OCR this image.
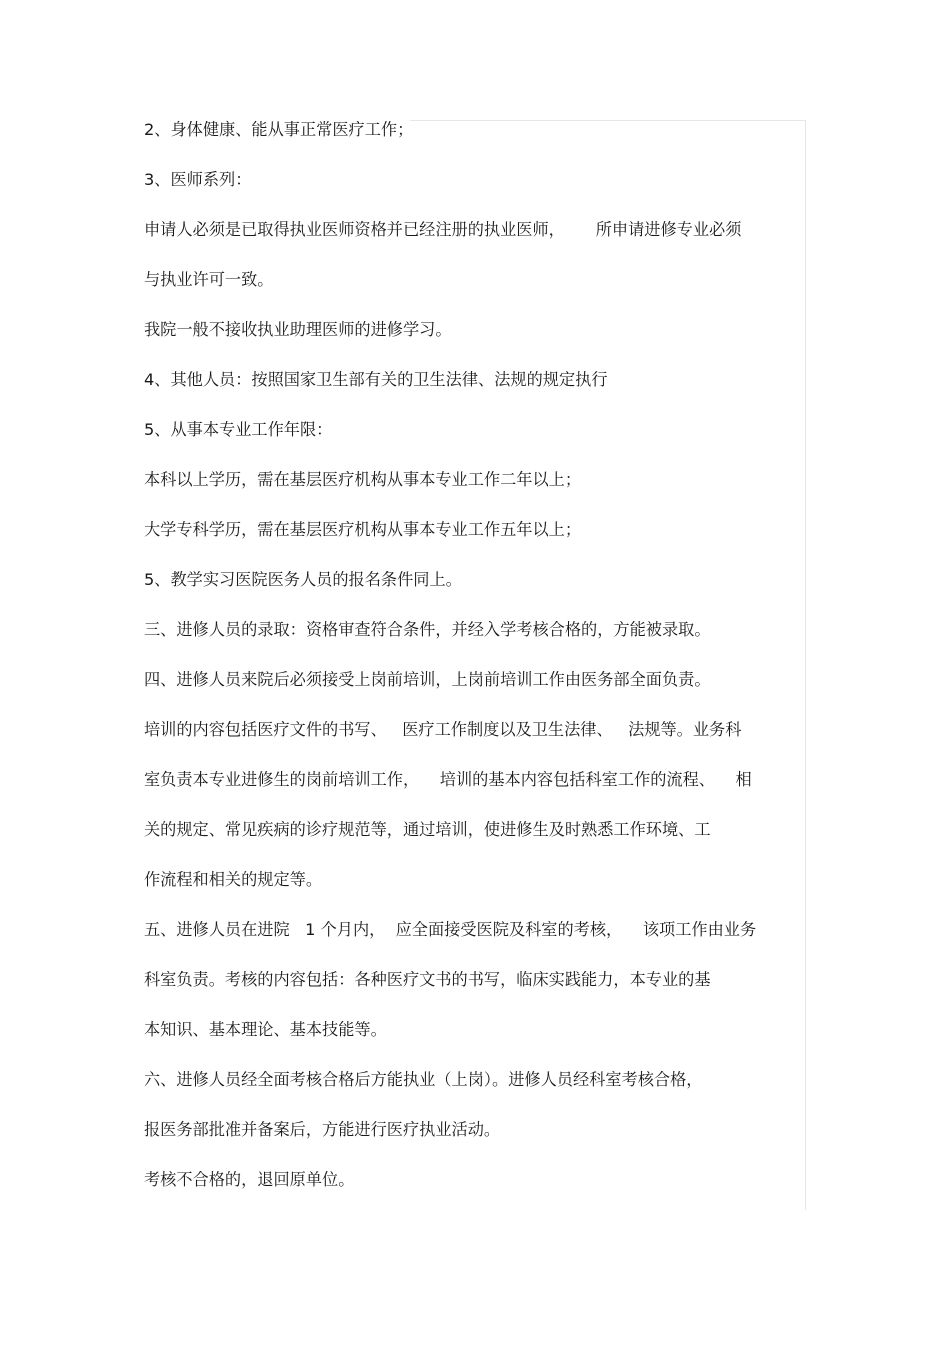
2、身体健康、能从事正常医疗工作；
3、医师系列：
申请人必须是已取得执业医师资格并已经注册的执业医师，      所申请进修专业必须
与执业许可一致。
我院一般不接收执业助理医师的进修学习。
4、其他人员：按照国家卫生部有关的卫生法律、法规的规定执行
5、从事本专业工作年限：
本科以上学历，需在基层医疗机构从事本专业工作二年以上；
大学专科学历，需在基层医疗机构从事本专业工作五年以上；
5、教学实习医院医务人员的报名条件同上。
三、进修人员的录取：资格审查符合条件，并经入学考核合格的，方能被录取。
四、进修人员来院后必须接受上岗前培训，上岗前培训工作由医务部全面负责。
培训的内容包括医疗文件的书写、   医疗工作制度以及卫生法律、   法规等。业务科
室负责本专业进修生的岗前培训工作，    培训的基本内容包括科室工作的流程、    相
关的规定、常见疾病的诊疗规范等，通过培训，使进修生及时熟悉工作环境、工
作流程和相关的规定等。
五、进修人员在进院   1 个月内，  应全面接受医院及科室的考核，    该项工作由业务
科室负责。考核的内容包括：各种医疗文书的书写，临床实践能力，本专业的基
本知识、基本理论、基本技能等。
六、进修人员经全面考核合格后方能执业（上岗）。进修人员经科室考核合格，
报医务部批准并备案后，方能进行医疗执业活动。
考核不合格的，退回原单位。
